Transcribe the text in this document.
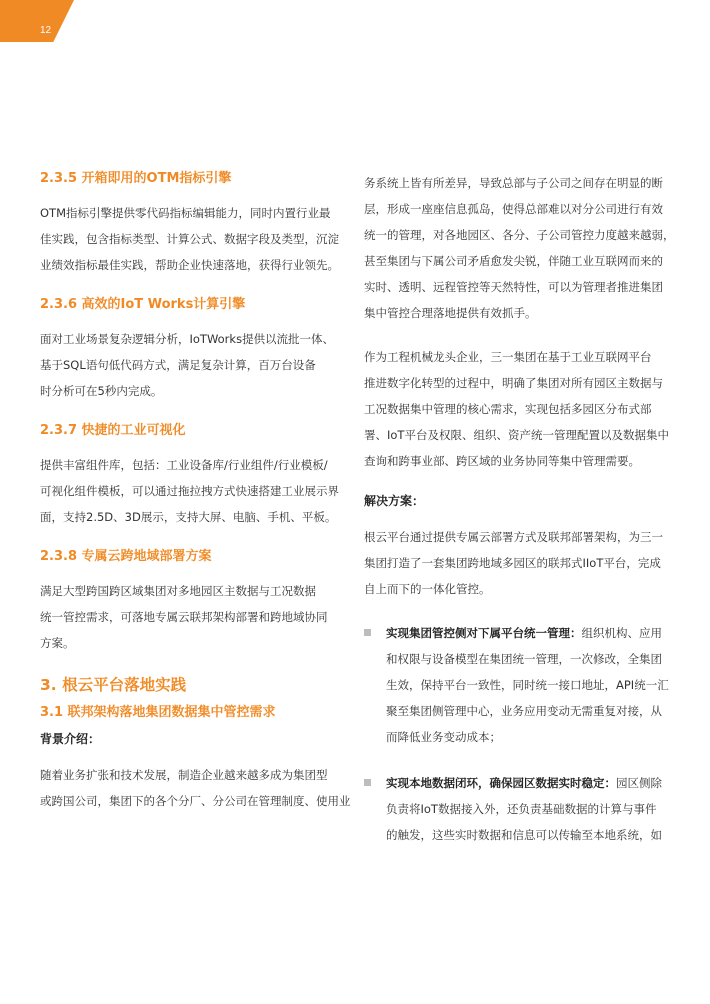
12
2.3.5 开箱即用的OTM指标引擎
OTM指标引擎提供零代码指标编辑能力，同时内置行业最
佳实践，包含指标类型、计算公式、数据字段及类型，沉淀
业绩效指标最佳实践，帮助企业快速落地，获得行业领先。
2.3.6 高效的IoT Works计算引擎
面对工业场景复杂逻辑分析，IoTWorks提供以流批一体、
基于SQL语句低代码方式，满足复杂计算，百万台设备
时分析可在5秒内完成。
2.3.7 快捷的工业可视化
提供丰富组件库，包括：工业设备库/行业组件/行业模板/
可视化组件模板，可以通过拖拉拽方式快速搭建工业展示界
面，支持2.5D、3D展示，支持大屏、电脑、手机、平板。
2.3.8 专属云跨地域部署方案
满足大型跨国跨区域集团对多地园区主数据与工况数据
统一管控需求，可落地专属云联邦架构部署和跨地域协同
方案。
3. 根云平台落地实践
3.1 联邦架构落地集团数据集中管控需求
背景介绍：
随着业务扩张和技术发展，制造企业越来越多成为集团型
或跨国公司，集团下的各个分厂、分公司在管理制度、使用业
务系统上皆有所差异，导致总部与子公司之间存在明显的断
层，形成一座座信息孤岛，使得总部难以对分公司进行有效
统一的管理，对各地园区、各分、子公司管控力度越来越弱，
甚至集团与下属公司矛盾愈发尖锐，伴随工业互联网而来的
实时、透明、远程管控等天然特性，可以为管理者推进集团
集中管控合理落地提供有效抓手。
作为工程机械龙头企业，三一集团在基于工业互联网平台
推进数字化转型的过程中，明确了集团对所有园区主数据与
工况数据集中管理的核心需求，实现包括多园区分布式部
署、IoT平台及权限、组织、资产统一管理配置以及数据集中
查询和跨事业部、跨区域的业务协同等集中管理需要。
解决方案：
根云平台通过提供专属云部署方式及联邦部署架构，为三一
集团打造了一套集团跨地域多园区的联邦式IIoT平台，完成
自上而下的一体化管控。
实现集团管控侧对下属平台统一管理：组织机构、应用
和权限与设备模型在集团统一管理，一次修改，全集团
生效，保持平台一致性，同时统一接口地址，API统一汇
聚至集团侧管理中心，业务应用变动无需重复对接，从
而降低业务变动成本；
实现本地数据闭环，确保园区数据实时稳定：园区侧除
负责将IoT数据接入外，还负责基础数据的计算与事件
的触发，这些实时数据和信息可以传输至本地系统，如
